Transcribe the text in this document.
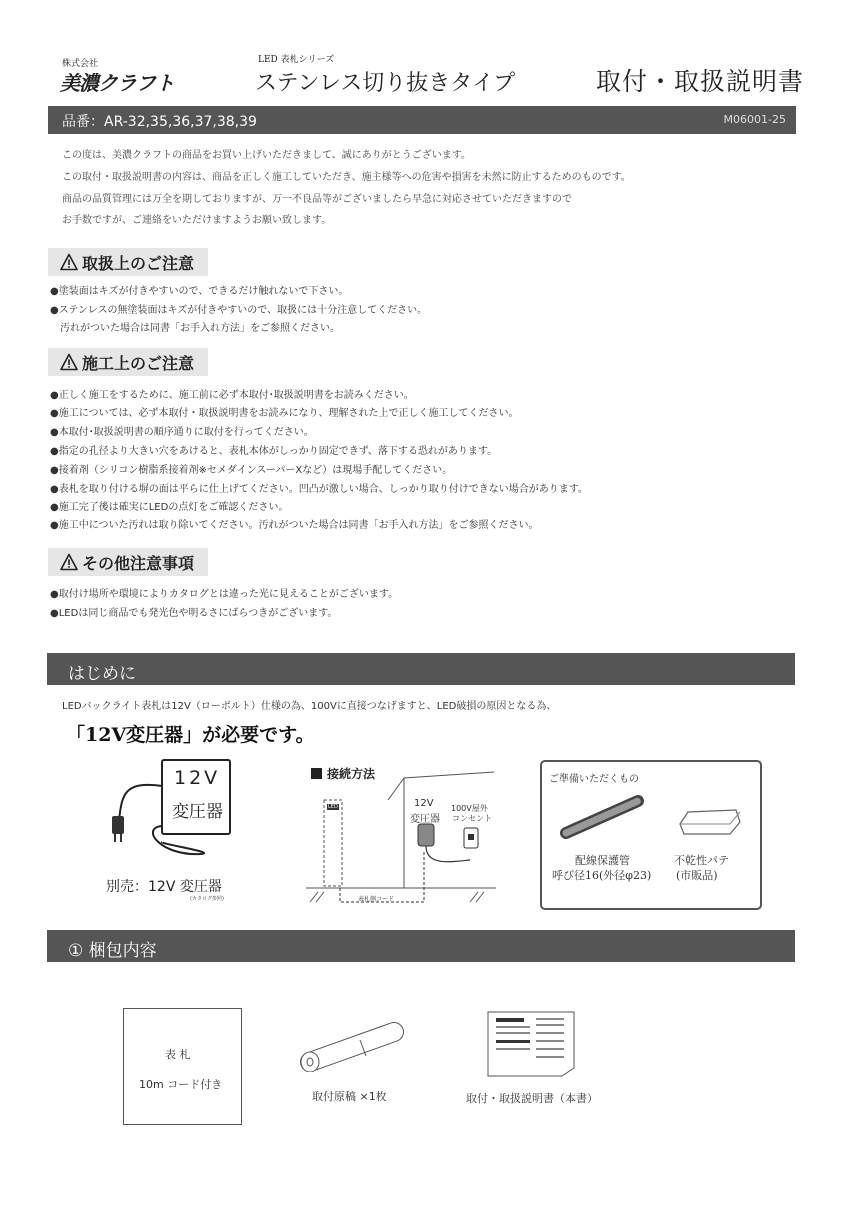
株式会社
美濃クラフト
LED 表札シリーズ
ステンレス切り抜きタイプ	取付・取扱説明書
品番：AR-32,35,36,37,38,39	M06001-25
この度は、美濃クラフトの商品をお買い上げいただきまして、誠にありがとうございます。
この取付・取扱説明書の内容は、商品を正しく施工していただき、施主様等への危害や損害を未然に防止するためのものです。
商品の品質管理には万全を期しておりますが、万一不良品等がございましたら早急に対応させていただきますので
お手数ですが、ご連絡をいただけますようお願い致します。
取扱上のご注意
●塗装面はキズが付きやすいので、できるだけ触れないで下さい。
●ステンレスの無塗装面はキズが付きやすいので、取扱には十分注意してください。
　汚れがついた場合は同書「お手入れ方法」をご参照ください。
施工上のご注意
●正しく施工をするために、施工前に必ず本取付･取扱説明書をお読みください。
●施工については、必ず本取付・取扱説明書をお読みになり、理解された上で正しく施工してください。
●本取付･取扱説明書の順序通りに取付を行ってください。
●指定の孔径より大きい穴をあけると、表札本体がしっかり固定できず、落下する恐れがあります。
●接着剤（シリコン樹脂系接着剤※セメダインスーパーXなど）は現場手配してください。
●表札を取り付ける塀の面は平らに仕上げてください。凹凸が激しい場合、しっかり取り付けできない場合があります。
●施工完了後は確実にLEDの点灯をご確認ください。
●施工中についた汚れは取り除いてください。汚れがついた場合は同書「お手入れ方法」をご参照ください。
その他注意事項
●取付け場所や環境によりカタログとは違った光に見えることがございます。
●LEDは同じ商品でも発光色や明るさにばらつきがございます。
はじめに
LEDバックライト表札は12V（ローボルト）仕様の為、100Vに直接つなげますと、LED破損の原因となる為、
「12V変圧器」が必要です。
12V
変圧器
別売：12V 変圧器
(カタログ参照)
接続方法
LED	12V
変圧器
100V屋外
コンセント
表札側コード
ご準備いただくもの
配線保護管
呼び径16(外径φ23)
不乾性パテ
(市販品)
① 梱包内容
表 札
10m コード付き
取付原稿 ×1枚	取付・取扱説明書（本書）
